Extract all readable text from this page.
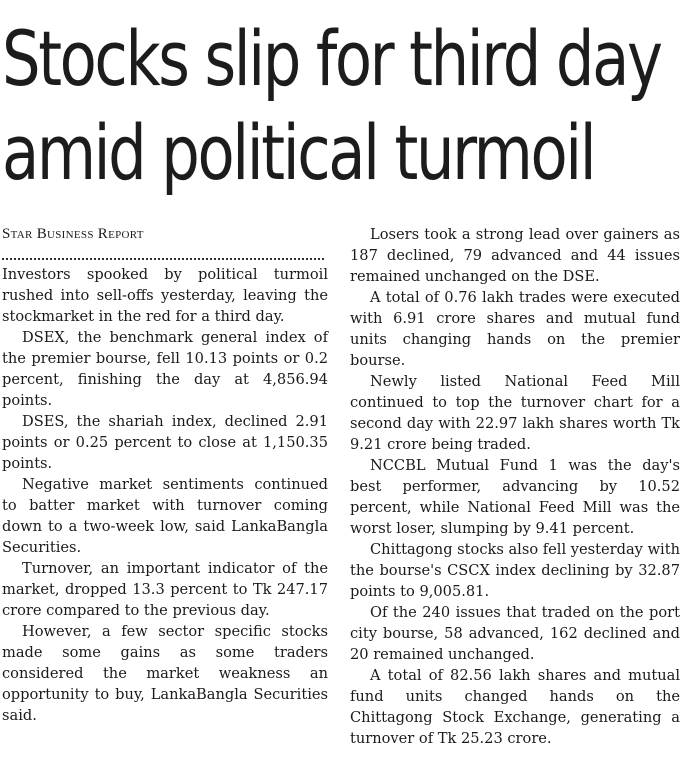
Stocks slip for third day
amid political turmoil
Star Business Report

Investors spooked by political turmoil rushed into sell-offs yesterday, leaving the stockmarket in the red for a third day.

DSEX, the benchmark general index of the premier bourse, fell 10.13 points or 0.2 percent, finishing the day at 4,856.94 points.

DSES, the shariah index, declined 2.91 points or 0.25 percent to close at 1,150.35 points.

Negative market sentiments continued to batter market with turnover coming down to a two-week low, said LankaBangla Securities.

Turnover, an important indicator of the market, dropped 13.3 percent to Tk 247.17 crore compared to the previous day.

However, a few sector specific stocks made some gains as some traders considered the market weakness an opportunity to buy, LankaBangla Securities said.

Losers took a strong lead over gainers as 187 declined, 79 advanced and 44 issues remained unchanged on the DSE.

A total of 0.76 lakh trades were executed with 6.91 crore shares and mutual fund units changing hands on the premier bourse.

Newly listed National Feed Mill continued to top the turnover chart for a second day with 22.97 lakh shares worth Tk 9.21 crore being traded.

NCCBL Mutual Fund 1 was the day's best performer, advancing by 10.52 percent, while National Feed Mill was the worst loser, slumping by 9.41 percent.

Chittagong stocks also fell yesterday with the bourse's CSCX index declining by 32.87 points to 9,005.81.

Of the 240 issues that traded on the port city bourse, 58 advanced, 162 declined and 20 remained unchanged.

A total of 82.56 lakh shares and mutual fund units changed hands on the Chittagong Stock Exchange, generating a turnover of Tk 25.23 crore.
